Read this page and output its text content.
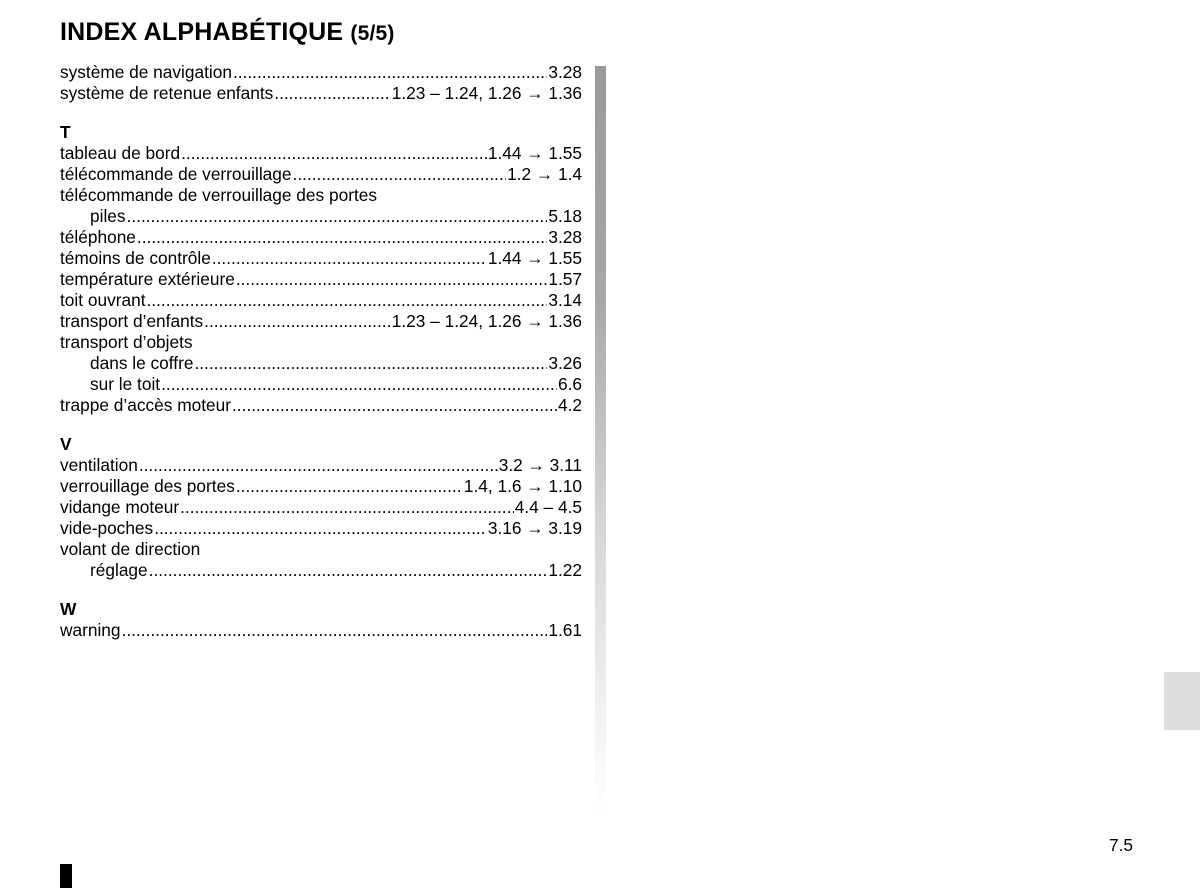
INDEX ALPHABÉTIQUE (5/5)
système de navigation .....	3.28
système de retenue enfants .....	1.23 – 1.24, 1.26 → 1.36
T
tableau de bord .....	1.44 → 1.55
télécommande de verrouillage .....	1.2 → 1.4
télécommande de verrouillage des portes
piles .....	5.18
téléphone .....	3.28
témoins de contrôle .....	1.44 → 1.55
température extérieure .....	1.57
toit ouvrant .....	3.14
transport d’enfants .....	1.23 – 1.24, 1.26 → 1.36
transport d’objets
dans le coffre .....	3.26
sur le toit .....	6.6
trappe d’accès moteur .....	4.2
V
ventilation .....	3.2 → 3.11
verrouillage des portes .....	1.4, 1.6 → 1.10
vidange moteur .....	4.4 – 4.5
vide-poches .....	3.16 → 3.19
volant de direction
réglage .....	1.22
W
warning .....	1.61
7.5
